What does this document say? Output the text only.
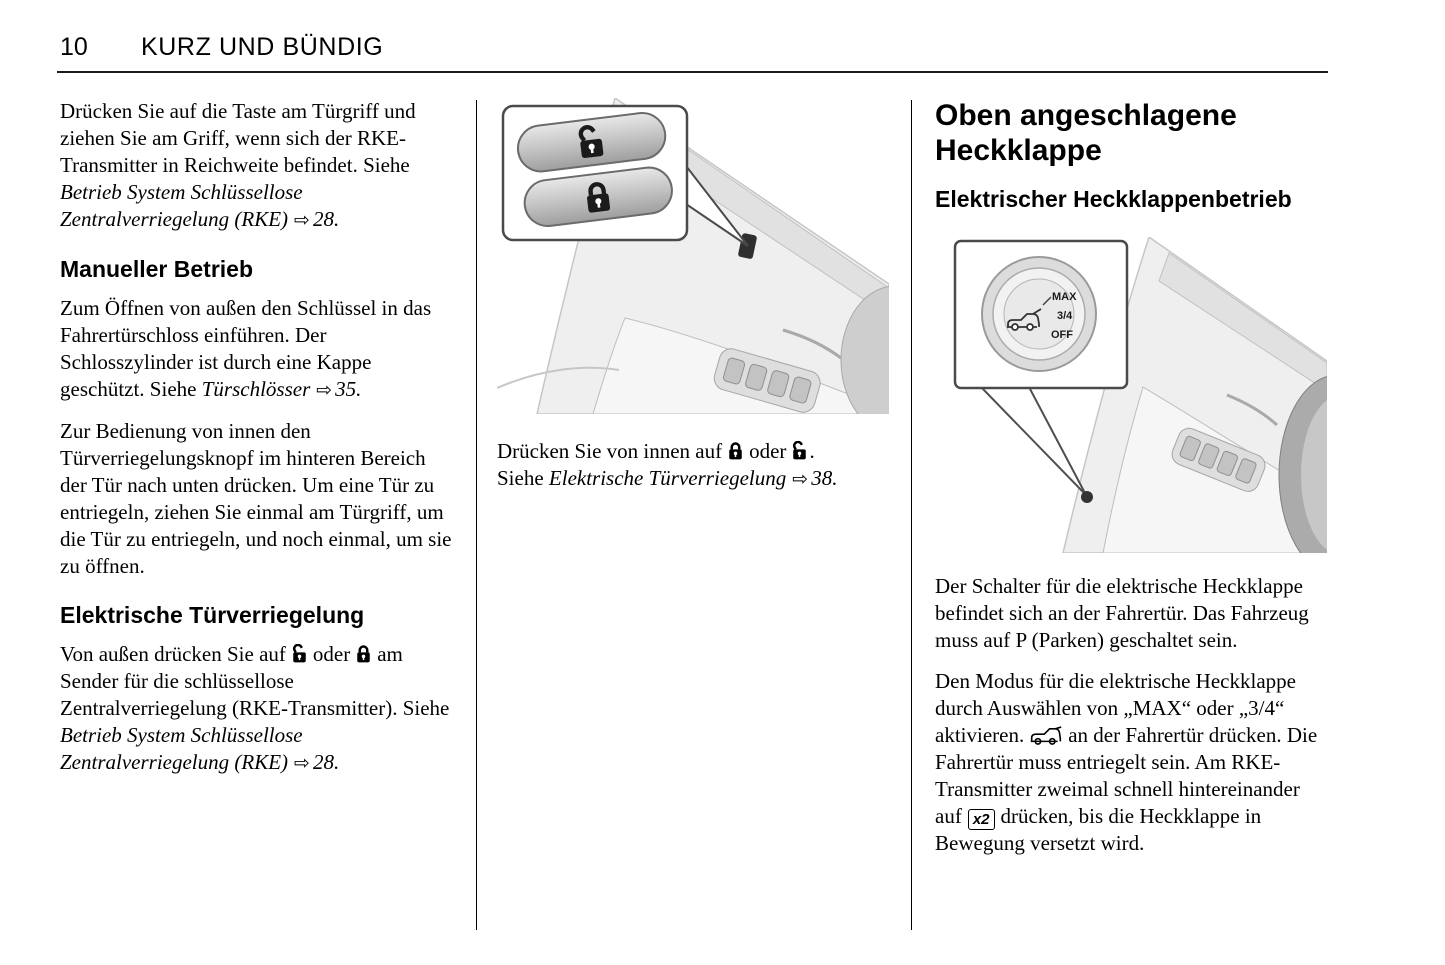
10 KURZ UND BÜNDIG

Drücken Sie auf die Taste am Türgriff und ziehen Sie am Griff, wenn sich der RKE-Transmitter in Reichweite befindet. Siehe Betrieb System Schlüssellose Zentralverriegelung (RKE) ⇨ 28.

Manueller Betrieb

Zum Öffnen von außen den Schlüssel in das Fahrertürschloss einführen. Der Schlosszylinder ist durch eine Kappe geschützt. Siehe Türschlösser ⇨ 35.

Zur Bedienung von innen den Türverriegelungsknopf im hinteren Bereich der Tür nach unten drücken. Um eine Tür zu entriegeln, ziehen Sie einmal am Türgriff, um die Tür zu entriegeln, und noch einmal, um sie zu öffnen.

Elektrische Türverriegelung

Von außen drücken Sie auf oder am Sender für die schlüssellose Zentralverriegelung (RKE-Transmitter). Siehe Betrieb System Schlüssellose Zentralverriegelung (RKE) ⇨ 28.

Drücken Sie von innen auf oder .
Siehe Elektrische Türverriegelung ⇨ 38.

Oben angeschlagene Heckklappe
Elektrischer Heckklappenbetrieb
MAX
3/4
OFF

Der Schalter für die elektrische Heckklappe befindet sich an der Fahrertür. Das Fahrzeug muss auf P (Parken) geschaltet sein.

Den Modus für die elektrische Heckklappe durch Auswählen von „MAX“ oder „3/4“ aktivieren. an der Fahrertür drücken. Die Fahrertür muss entriegelt sein. Am RKE-Transmitter zweimal schnell hintereinander auf x2 drücken, bis die Heckklappe in Bewegung versetzt wird.
